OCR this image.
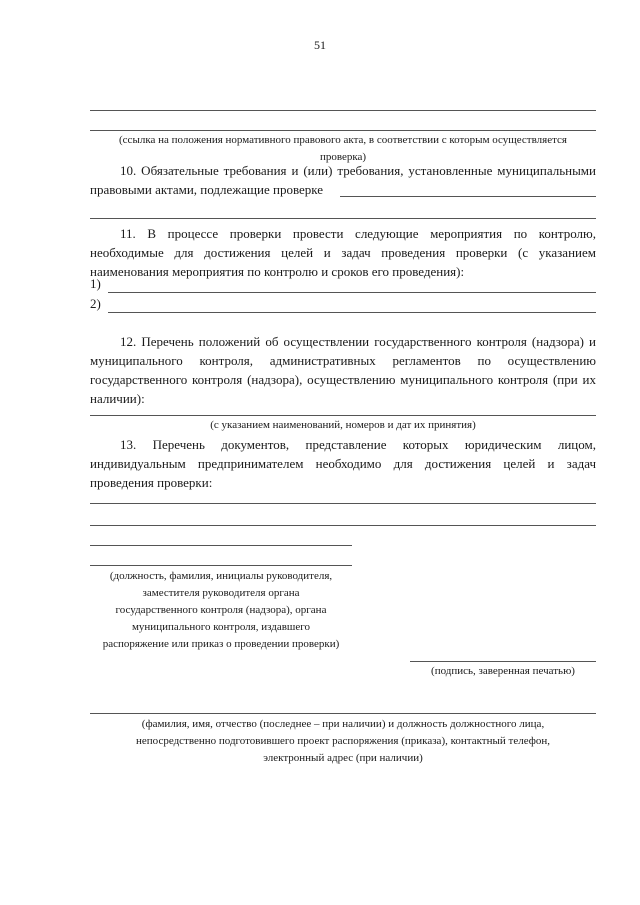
51
(ссылка на положения нормативного правового акта, в соответствии с которым осуществляется
проверка)
10. Обязательные требования и (или) требования, установленные муниципальными
правовыми актами, подлежащие проверке
11. В процессе проверки провести следующие мероприятия по контролю,
необходимые для достижения целей и задач проведения проверки (с указанием
наименования мероприятия по контролю и сроков его проведения):
1)
2)
12. Перечень положений об осуществлении государственного контроля (надзора) и
муниципального контроля, административных регламентов по осуществлению
государственного контроля (надзора), осуществлению муниципального контроля (при их
наличии):
(с указанием наименований, номеров и дат их принятия)
13. Перечень документов, представление которых юридическим лицом,
индивидуальным предпринимателем необходимо для достижения целей и задач
проведения проверки:
(должность, фамилия, инициалы руководителя,
заместителя руководителя органа
государственного контроля (надзора), органа
муниципального контроля, издавшего
распоряжение или приказ о проведении проверки)
(подпись, заверенная печатью)
(фамилия, имя, отчество (последнее – при наличии) и должность должностного лица,
непосредственно подготовившего проект распоряжения (приказа), контактный телефон,
электронный адрес (при наличии)
